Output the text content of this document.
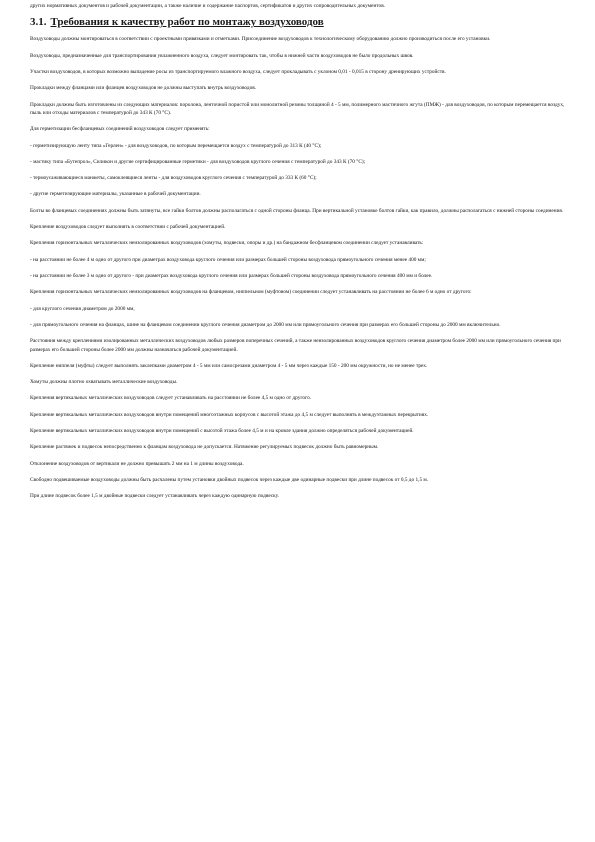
других нормативных документов и рабочей документации, а также наличие и содержание паспортов, сертификатов и других сопроводительных документов.

3.1. Требования к качеству работ по монтажу воздуховодов

Воздуховоды должны монтироваться в соответствии с проектными привязками и отметками. Присоединение воздуховодов к технологическому оборудованию должно производиться после его установки.

Воздуховоды, предназначенные для транспортирования увлажненного воздуха, следует монтировать так, чтобы в нижней части воздуховодов не было продольных швов.

Участки воздуховодов, в которых возможно выпадение росы из транспортируемого влажного воздуха, следует прокладывать с уклоном 0,01 - 0,015 в сторону дренирующих устройств.

Прокладки между фланцами или фланцев воздуховодов не должны выступать внутрь воздуховодов.

Прокладки должны быть изготовлены из следующих материалов: поролона, ленточной пористой или монолитной резины толщиной 4 - 5 мм, полимерного мастичного жгута (ПМЖ) - для воздуховодов, по которым перемещается воздух, пыль или отходы материалов с температурой до 343 К (70 °С).

Для герметизации бесфланцевых соединений воздуховодов следует применять:

- герметизирующую ленту типа «Герлен» - для воздуховодов, по которым перемещается воздух с температурой до 313 К (40 °С);

- мастику типа «Бутепрол», Силикон и другие сертифицированные герметики - для воздуховодов круглого сечения с температурой до 343 К (70 °С);

- термоусаживающиеся манжеты, самоклеящиеся ленты - для воздуховодов круглого сечения с температурой до 333 К (60 °С);

- другие герметизирующие материалы, указанные в рабочей документации.

Болты во фланцевых соединениях должны быть затянуты, все гайки болтов должны располагаться с одной стороны фланца. При вертикальной установке болтов гайки, как правило, должны располагаться с нижней стороны соединения.

Крепление воздуховодов следует выполнять в соответствии с рабочей документацией.

Крепления горизонтальных металлических неизолированных воздуховодов (хомуты, подвески, опоры и др.) на бандажном бесфланцевом соединении следует устанавливать:

- на расстоянии не более 4 м одно от другого при диаметрах воздуховода круглого сечения или размерах большей стороны воздуховода прямоугольного сечения менее 400 мм;

- на расстоянии не более 3 м одно от другого - при диаметрах воздуховода круглого сечения или размерах большей стороны воздуховода прямоугольного сечения 400 мм и более.

Крепления горизонтальных металлических неизолированных воздуховодов на фланцевом, ниппельном (муфтовом) соединении следует устанавливать на расстоянии не более 6 м одно от другого:

- для круглого сечения диаметром до 2000 мм,

- для прямоугольного сечения на фланцах, шине на фланцевом соединении круглого сечения диаметром до 2000 мм или прямоугольного сечения при размерах его большей стороны до 2000 мм включительно.

Расстояния между креплениями изолированных металлических воздуховодов любых размеров поперечных сечений, а также неизолированных воздуховодов круглого сечения диаметром более 2000 мм или прямоугольного сечения при размерах его большей стороны более 2000 мм должны назначаться рабочей документацией.

Крепление ниппеля (муфты) следует выполнять заклепками диаметром 4 - 5 мм или самосрезами диаметром 4 - 5 мм через каждые 150 - 200 мм окружности, но не менее трех.

Хомуты должны плотно охватывать металлические воздуховоды.

Крепления вертикальных металлических воздуховодов следует устанавливать на расстоянии не более 4,5 м одно от другого.

Крепление вертикальных металлических воздуховодов внутри помещений многоэтажных корпусов с высотой этажа до 4,5 м следует выполнять в междуэтажных перекрытиях.

Крепление вертикальных металлических воздуховодов внутри помещений с высотой этажа более 4,5 м и на кровле здания должно определяться рабочей документацией.

Крепление растяжек и подвесок непосредственно к фланцам воздуховода не допускается. Натяжение регулируемых подвесок должно быть равномерным.

Отклонение воздуховодов от вертикали не должно превышать 2 мм на 1 м длины воздуховода.

Свободно подвешиваемые воздуховоды должны быть расчалены путем установки двойных подвесок через каждые две одинарные подвески при длине подвесок от 0,5 до 1,5 м.

При длине подвесок более 1,5 м двойные подвески следует устанавливать через каждую одинарную подвеску.
